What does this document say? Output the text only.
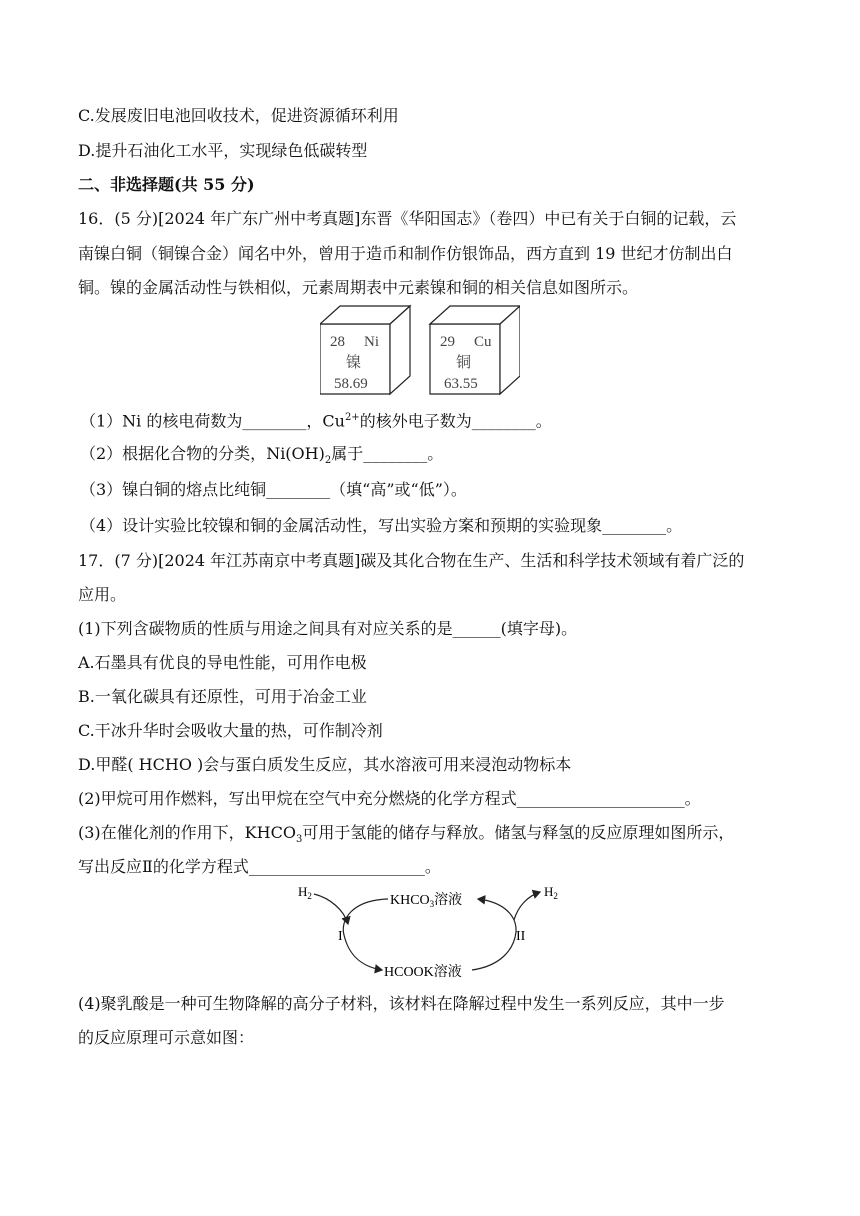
C.发展废旧电池回收技术，促进资源循环利用
D.提升石油化工水平，实现绿色低碳转型
二、非选择题(共 55 分)
16．(5 分)[2024 年广东广州中考真题]东晋《华阳国志》（卷四）中已有关于白铜的记载，云
南镍白铜（铜镍合金）闻名中外，曾用于造币和制作仿银饰品，西方直到 19 世纪才仿制出白
铜。镍的金属活动性与铁相似，元素周期表中元素镍和铜的相关信息如图所示。
28 Ni
镍
58.69
29 Cu
铜
63.55
（1）Ni 的核电荷数为________，$Cu^{2+}$的核外电子数为________。
（2）根据化合物的分类，$Ni(OH)_2$属于________。
（3）镍白铜的熔点比纯铜________（填“高”或“低”）。
（4）设计实验比较镍和铜的金属活动性，写出实验方案和预期的实验现象________。
17．(7 分)[2024 年江苏南京中考真题]碳及其化合物在生产、生活和科学技术领域有着广泛的
应用。
(1)下列含碳物质的性质与用途之间具有对应关系的是______(填字母)。
A.石墨具有优良的导电性能，可用作电极
B.一氧化碳具有还原性，可用于冶金工业
C.干冰升华时会吸收大量的热，可作制冷剂
D.甲醛( HCHO )会与蛋白质发生反应，其水溶液可用来浸泡动物标本
(2)甲烷可用作燃料，写出甲烷在空气中充分燃烧的化学方程式_____________________。
(3)在催化剂的作用下，$KHCO_3$可用于氢能的储存与释放。储氢与释氢的反应原理如图所示，
写出反应Ⅱ的化学方程式______________________。
$H_2$	$H_2$
$KHCO_3$溶液
HCOOK溶液
I	II
(4)聚乳酸是一种可生物降解的高分子材料，该材料在降解过程中发生一系列反应，其中一步
的反应原理可示意如图：
